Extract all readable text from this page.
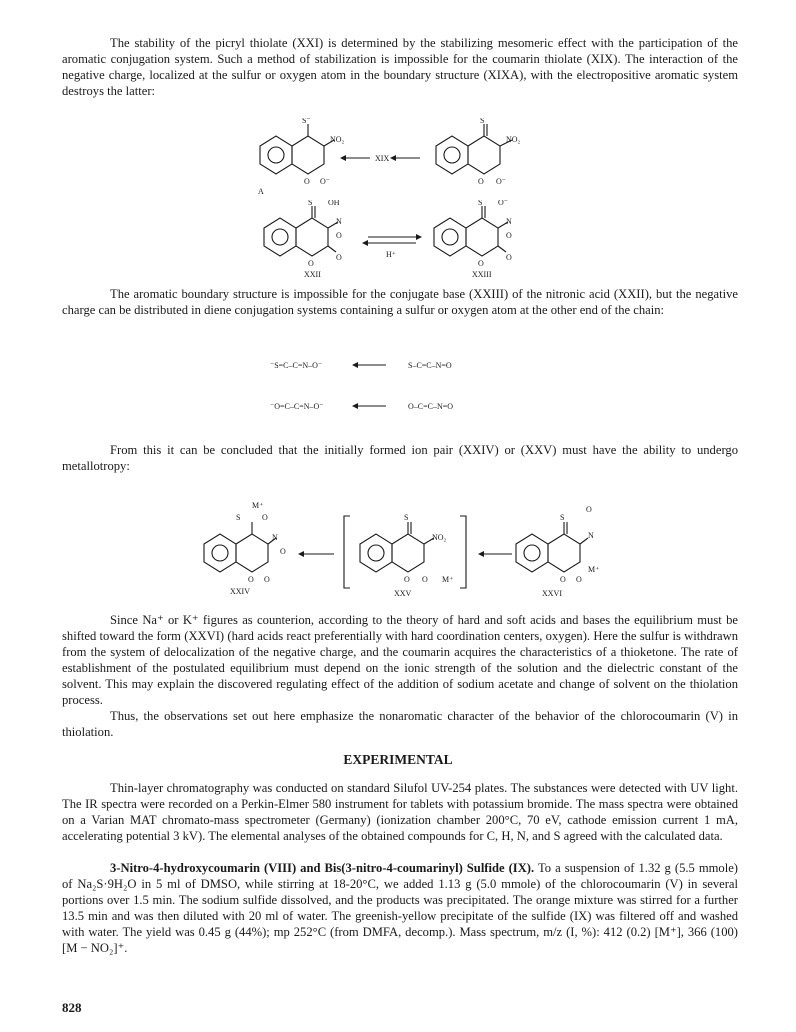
The stability of the picryl thiolate (XXI) is determined by the stabilizing mesomeric effect with the participation of the aromatic conjugation system. Such a method of stabilization is impossible for the coumarin thiolate (XIX). The interaction of the negative charge, localized at the sulfur or oxygen atom in the boundary structure (XIXA), with the electropositive aromatic system destroys the latter:

S⁻
NO₂
O O⁻
A
XIX
S
NO₂
O O⁻
S OH
N
O
O
O	H⁺
XXII
S O⁻
N
O
O
O
XXIII

The aromatic boundary structure is impossible for the conjugate base (XXIII) of the nitronic acid (XXII), but the negative charge can be distributed in diene conjugation systems containing a sulfur or oxygen atom at the other end of the chain:

⁻S=C–C=N–O⁻	S–C=C–N=O
⁻O=C–C=N–O⁻	O–C=C–N=O

From this it can be concluded that the initially formed ion pair (XXIV) or (XXV) must have the ability to undergo metallotropy:

M⁺
S	O
N
O
O O
XXIV
S
NO₂
O O M⁺
XXV
S
O
N
O O
M⁺
XXVI

Since Na⁺ or K⁺ figures as counterion, according to the theory of hard and soft acids and bases the equilibrium must be shifted toward the form (XXVI) (hard acids react preferentially with hard coordination centers, oxygen). Here the sulfur is withdrawn from the system of delocalization of the negative charge, and the coumarin acquires the characteristics of a thioketone. The rate of establishment of the postulated equilibrium must depend on the ionic strength of the solution and the dielectric constant of the solvent. This may explain the discovered regulating effect of the addition of sodium acetate and change of solvent on the thiolation process.

Thus, the observations set out here emphasize the nonaromatic character of the behavior of the chlorocoumarin (V) in thiolation.

EXPERIMENTAL

Thin-layer chromatography was conducted on standard Silufol UV-254 plates. The substances were detected with UV light. The IR spectra were recorded on a Perkin-Elmer 580 instrument for tablets with potassium bromide. The mass spectra were obtained on a Varian MAT chromato-mass spectrometer (Germany) (ionization chamber 200°C, 70 eV, cathode emission current 1 mA, accelerating potential 3 kV). The elemental analyses of the obtained compounds for C, H, N, and S agreed with the calculated data.

3-Nitro-4-hydroxycoumarin (VIII) and Bis(3-nitro-4-coumarinyl) Sulfide (IX). To a suspension of 1.32 g (5.5 mmole) of Na₂S·9H₂O in 5 ml of DMSO, while stirring at 18-20°C, we added 1.13 g (5.0 mmole) of the chlorocoumarin (V) in several portions over 1.5 min. The sodium sulfide dissolved, and the products was precipitated. The orange mixture was stirred for a further 13.5 min and was then diluted with 20 ml of water. The greenish-yellow precipitate of the sulfide (IX) was filtered off and washed with water. The yield was 0.45 g (44%); mp 252°C (from DMFA, decomp.). Mass spectrum, m/z (I, %): 412 (0.2) [M⁺], 366 (100) [M − NO₂]⁺.

828
